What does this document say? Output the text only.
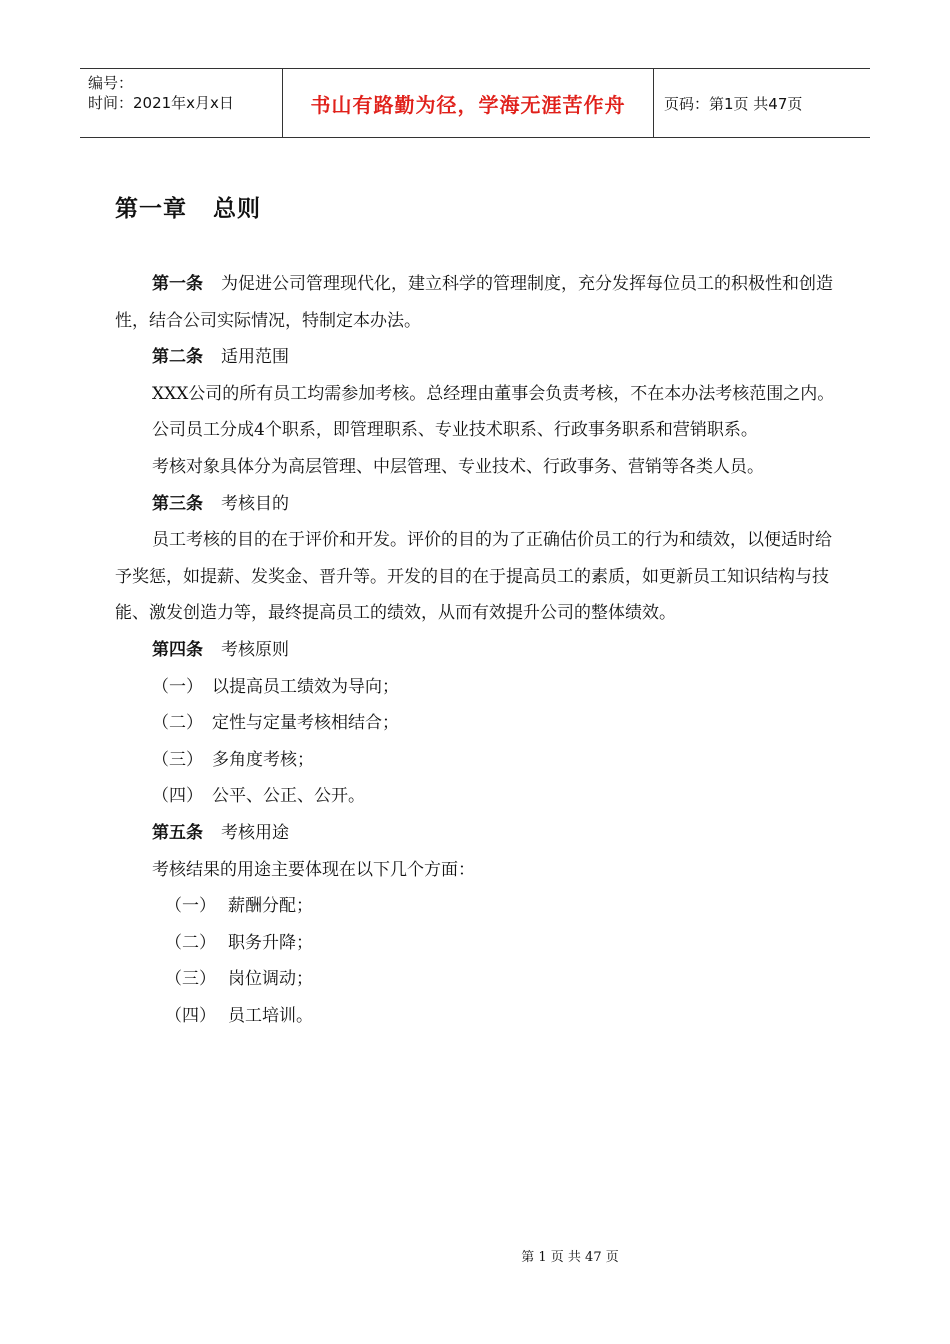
编号：
时间：2021年x月x日	书山有路勤为径，学海无涯苦作舟	页码：第1页 共47页
第一章 总则

第一条 为促进公司管理现代化，建立科学的管理制度，充分发挥每位员工的积极性和创造性，结合公司实际情况，特制定本办法。

第二条 适用范围

XXX公司的所有员工均需参加考核。总经理由董事会负责考核，不在本办法考核范围之内。

公司员工分成4个职系，即管理职系、专业技术职系、行政事务职系和营销职系。

考核对象具体分为高层管理、中层管理、专业技术、行政事务、营销等各类人员。

第三条 考核目的

员工考核的目的在于评价和开发。评价的目的为了正确估价员工的行为和绩效，以便适时给予奖惩，如提薪、发奖金、晋升等。开发的目的在于提高员工的素质，如更新员工知识结构与技能、激发创造力等，最终提高员工的绩效，从而有效提升公司的整体绩效。

第四条 考核原则

（一） 以提高员工绩效为导向；

（二） 定性与定量考核相结合；

（三） 多角度考核；

（四） 公平、公正、公开。

第五条 考核用途

考核结果的用途主要体现在以下几个方面：

（一） 薪酬分配；

（二） 职务升降；

（三） 岗位调动；

（四） 员工培训。

第 1 页 共 47 页
